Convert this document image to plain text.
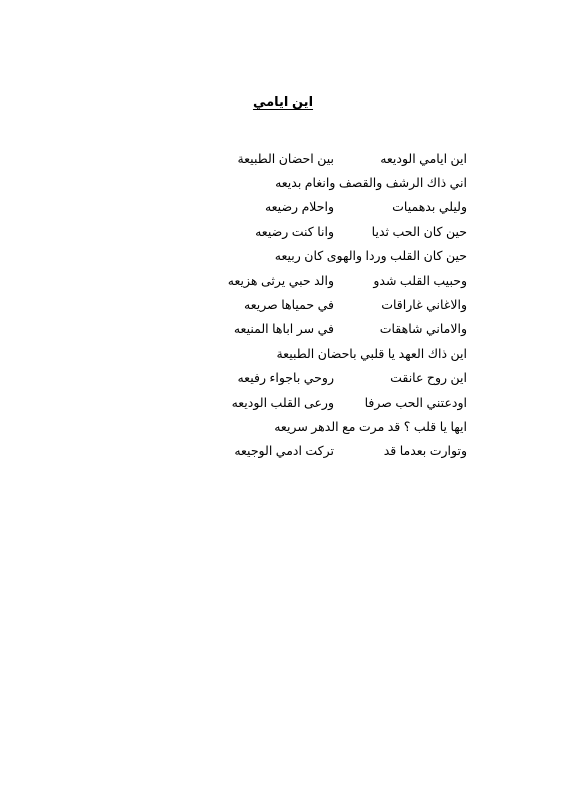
اين ايامي
اين ايامي الوديعه
بين احضان الطبيعة
اني ذاك الرشف والقصف وانغام بديعه
وليلي بدهميات
واحلام رضيعه
حين كان الحب ثديا
وانا كنت رضيعه
حين كان القلب وردا والهوى كان ربيعه
وحبيب القلب شدو
والد حبي يرثى هزيعه
والاغاني غاراقات
في حمياها صريعه
والاماني شاهقات
في سر اباها المنيعه
اين ذاك العهد يا قلبي باحضان الطبيعة
اين روح عانقت
روحي باجواء رفيعه
اودعتني الحب صرفا
ورعى القلب الوديعه
ايها يا قلب ؟ قد مرت مع الدهر سريعه
وتوارت بعدما قد
تركت ادمي الوجيعه
